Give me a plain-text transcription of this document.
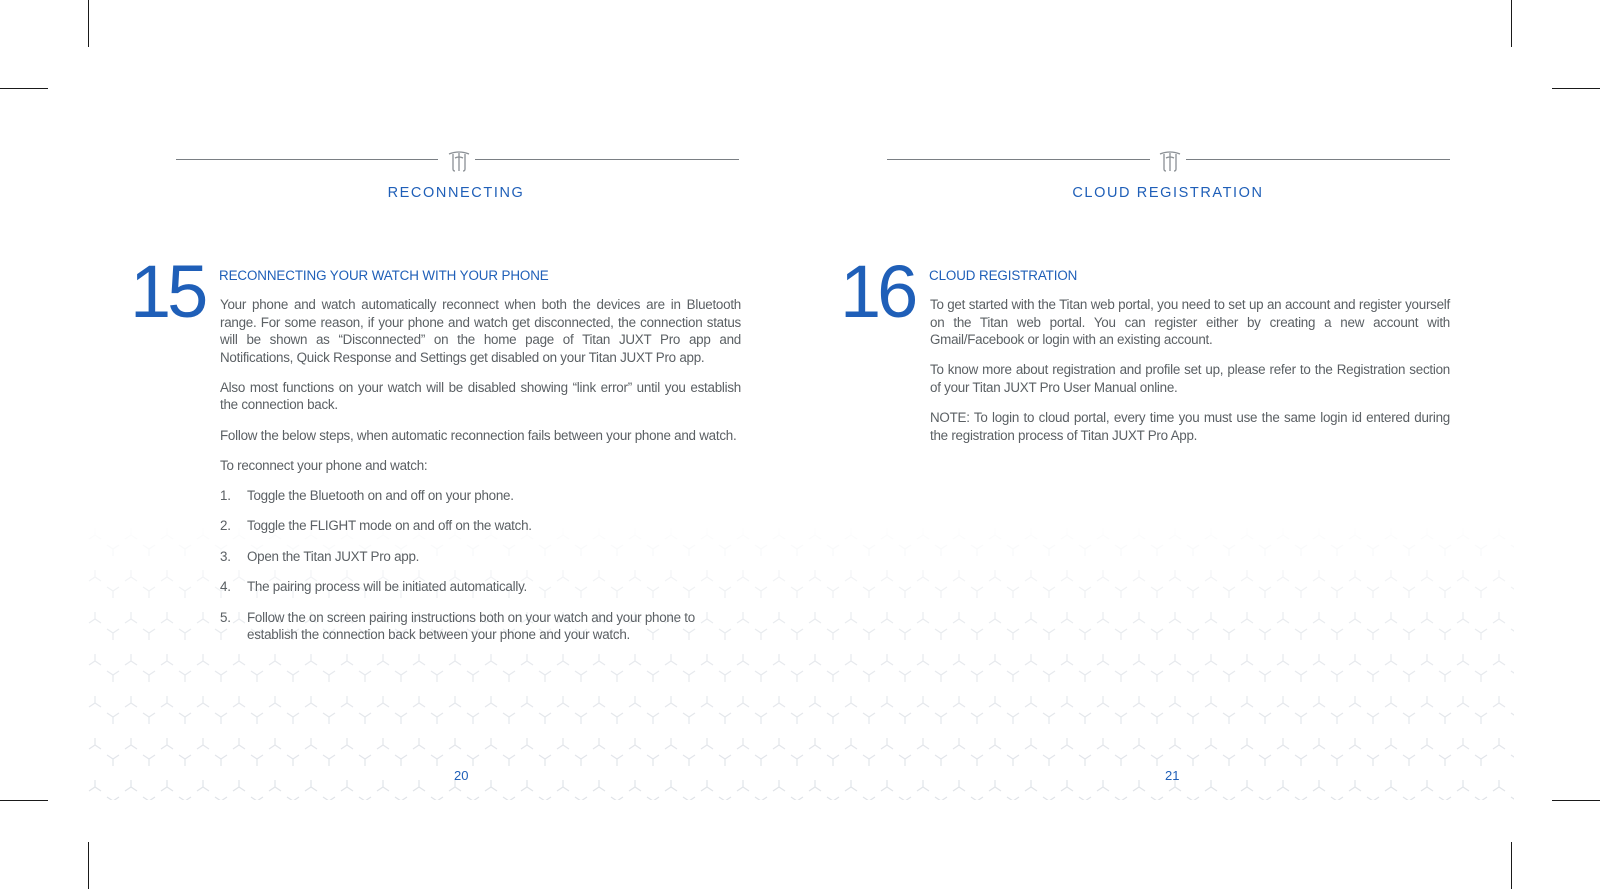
RECONNECTING
15 RECONNECTING YOUR WATCH WITH YOUR PHONE

Your phone and watch automatically reconnect when both the devices are in Bluetooth range. For some reason, if your phone and watch get disconnected, the connection status will be shown as “Disconnected” on the home page of Titan JUXT Pro app and Notifications, Quick Response and Settings get disabled on your Titan JUXT Pro app.

Also most functions on your watch will be disabled showing “link error” until you establish the connection back.

Follow the below steps, when automatic reconnection fails between your phone and watch.

To reconnect your phone and watch:

1. Toggle the Bluetooth on and off on your phone.
2. Toggle the FLIGHT mode on and off on the watch.
3. Open the Titan JUXT Pro app.
4. The pairing process will be initiated automatically.
5. Follow the on screen pairing instructions both on your watch and your phone to establish the connection back between your phone and your watch.
20
CLOUD REGISTRATION
16 CLOUD REGISTRATION

To get started with the Titan web portal, you need to set up an account and register yourself on the Titan web portal. You can register either by creating a new account with Gmail/Facebook or login with an existing account.

To know more about registration and profile set up, please refer to the Registration section of your Titan JUXT Pro User Manual online.

NOTE: To login to cloud portal, every time you must use the same login id entered during the registration process of Titan JUXT Pro App.

21
